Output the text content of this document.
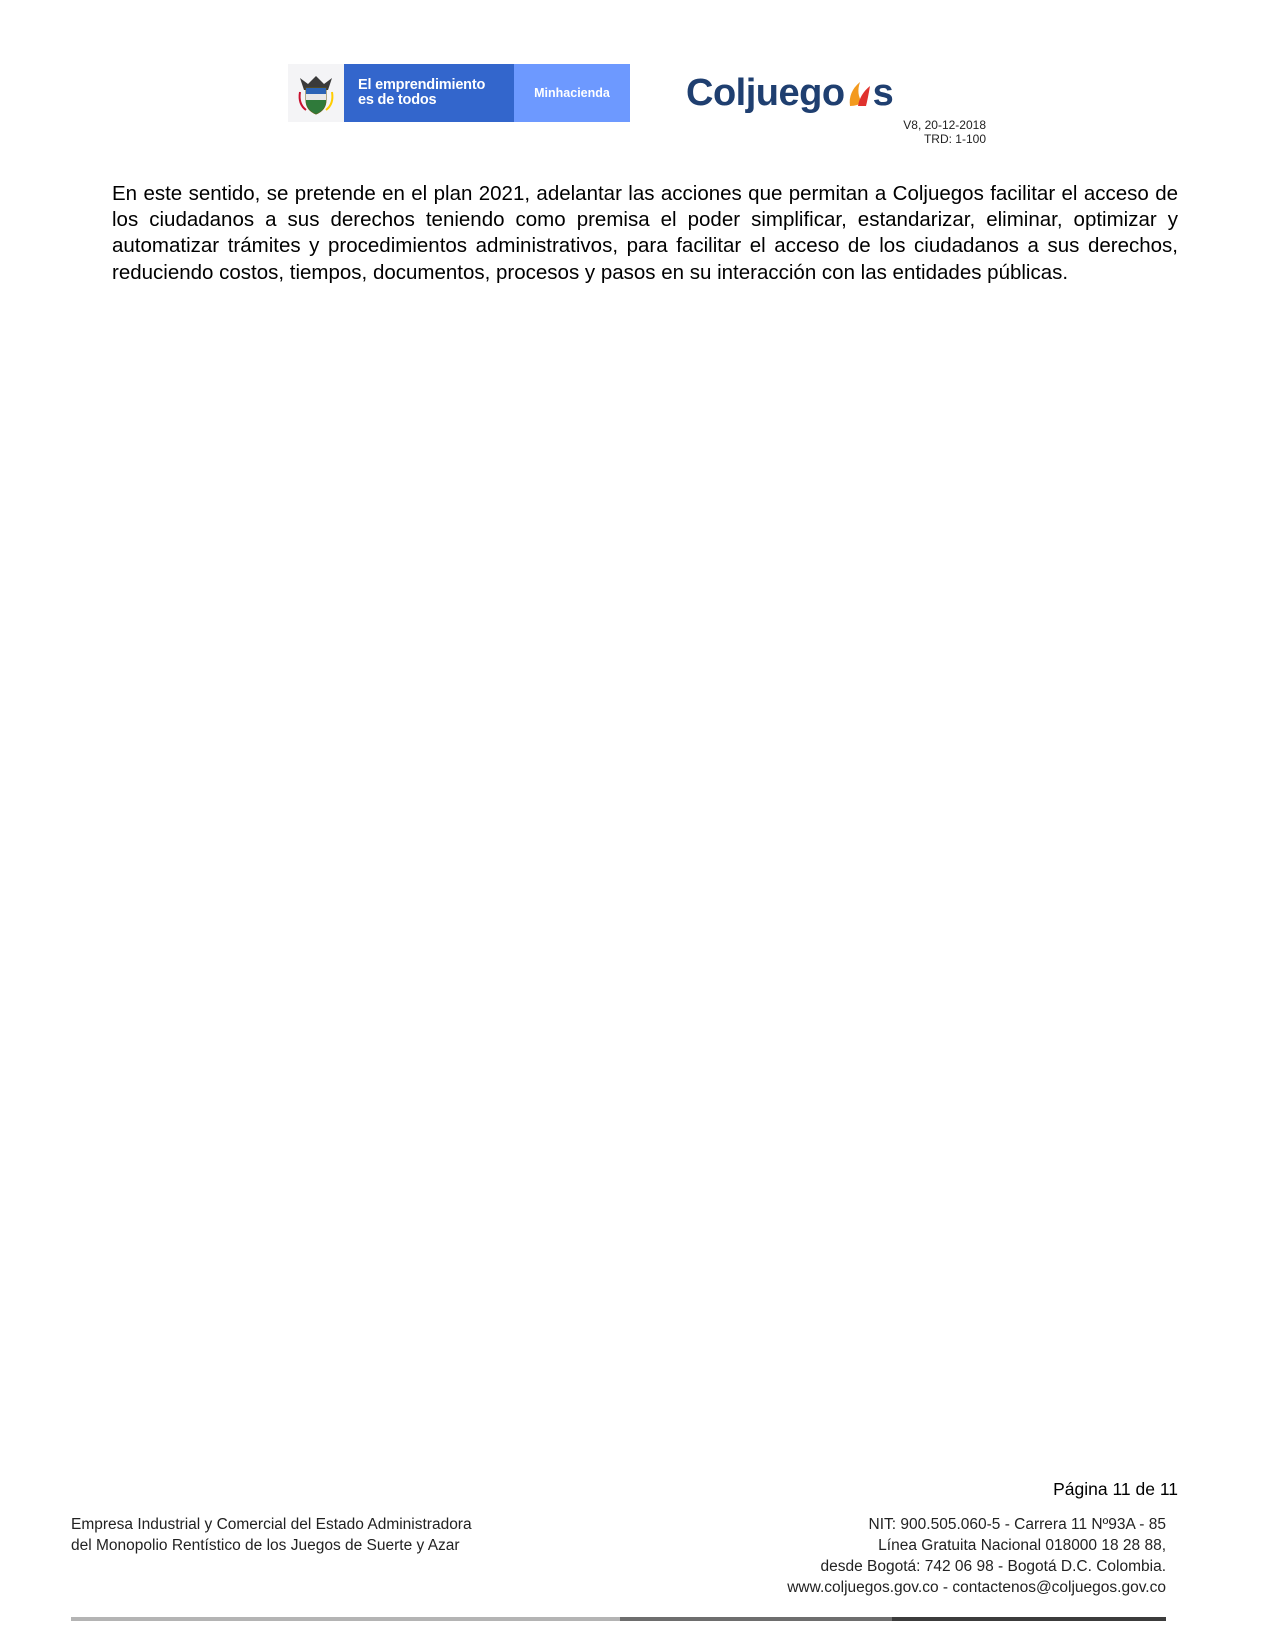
El emprendimiento
es de todos	Minhacienda	Colj uego s
V8, 20-12-2018
TRD: 1-100

En este sentido, se pretende en el plan 2021, adelantar las acciones que permitan a Coljuegos facilitar el acceso de los ciudadanos a sus derechos teniendo como premisa el poder simplificar, estandarizar, eliminar, optimizar y automatizar trámites y procedimientos administrativos, para facilitar el acceso de los ciudadanos a sus derechos, reduciendo costos, tiempos, documentos, procesos y pasos en su interacción con las entidades públicas.

Página 11 de 11
Empresa Industrial y Comercial del Estado Administradora
del Monopolio Rentístico de los Juegos de Suerte y Azar
NIT: 900.505.060-5 - Carrera 11 Nº93A - 85
Línea Gratuita Nacional 018000 18 28 88,
desde Bogotá: 742 06 98 - Bogotá D.C. Colombia.
www.coljuegos.gov.co - contactenos@coljuegos.gov.co
